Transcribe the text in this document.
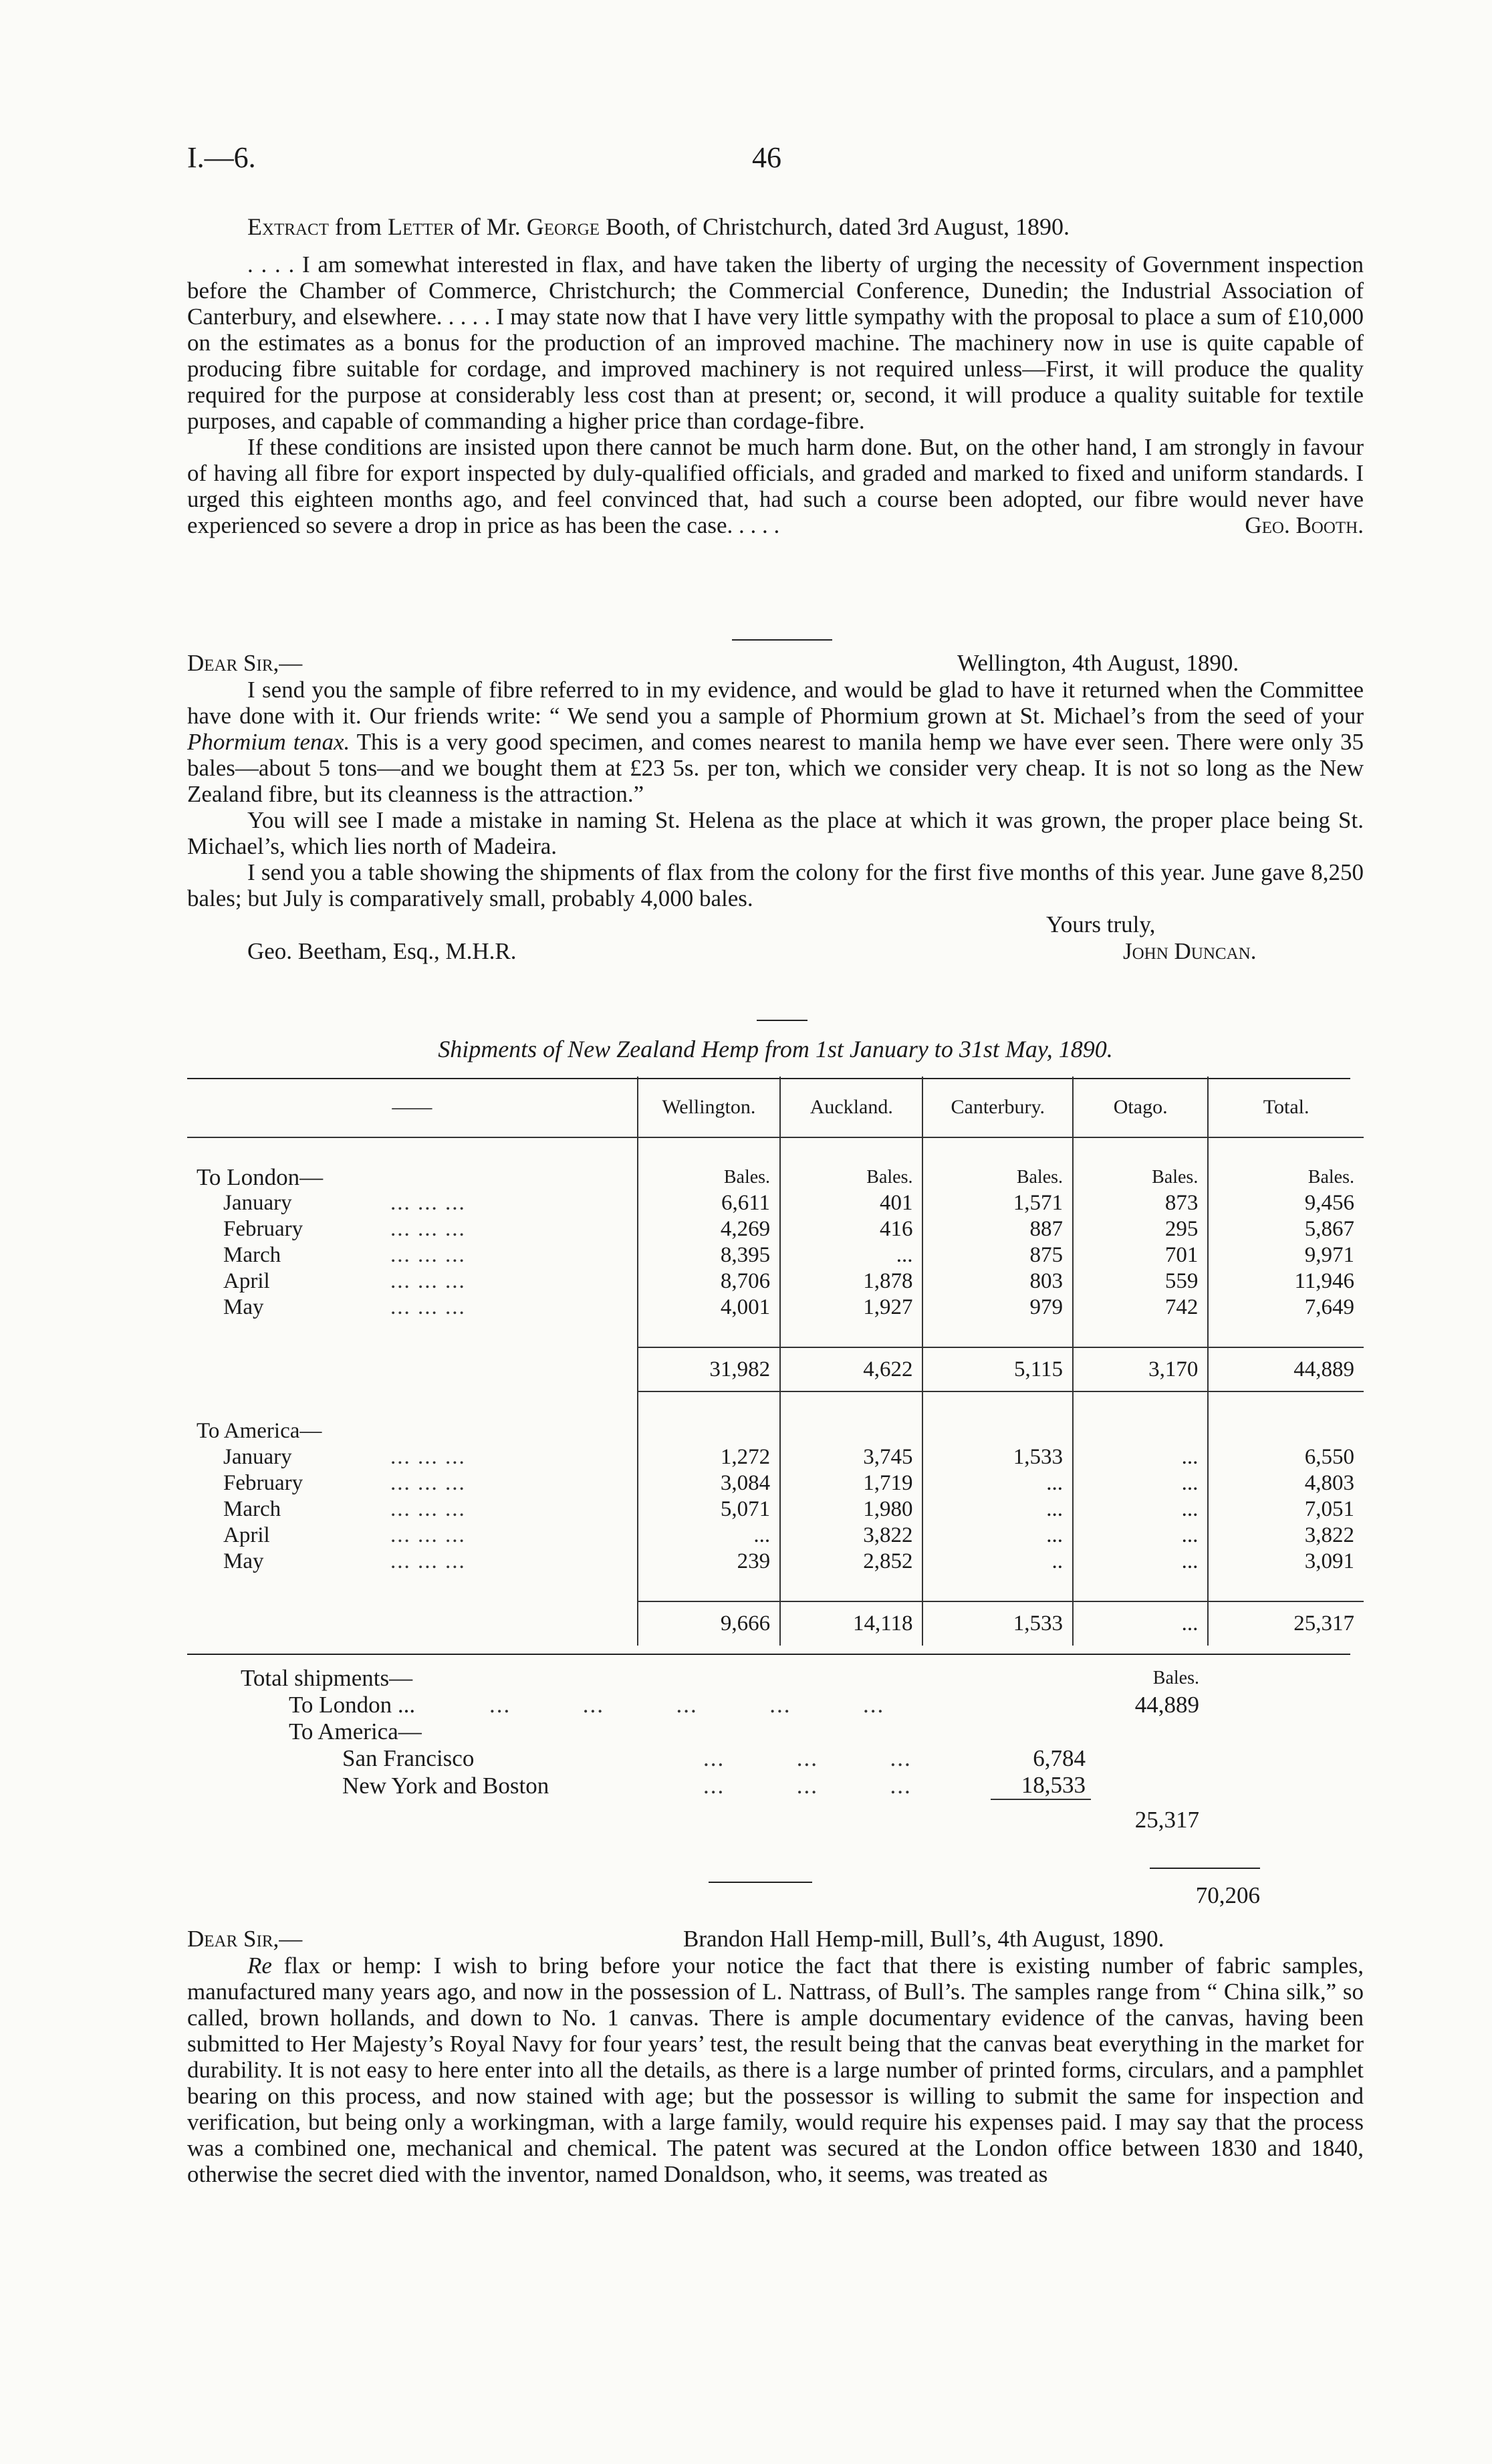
I.—6.	46
Extract from Letter of Mr. George Booth, of Christchurch, dated 3rd August, 1890.

. . . . I am somewhat interested in flax, and have taken the liberty of urging the necessity of Government inspection before the Chamber of Commerce, Christchurch; the Commercial Conference, Dunedin; the Industrial Association of Canterbury, and elsewhere. . . . . I may state now that I have very little sympathy with the proposal to place a sum of £10,000 on the estimates as a bonus for the production of an improved machine. The machinery now in use is quite capable of producing fibre suitable for cordage, and improved machinery is not required unless—First, it will produce the quality required for the purpose at considerably less cost than at present; or, second, it will produce a quality suitable for textile purposes, and capable of commanding a higher price than cordage-fibre.

If these conditions are insisted upon there cannot be much harm done. But, on the other hand, I am strongly in favour of having all fibre for export inspected by duly-qualified officials, and graded and marked to fixed and uniform standards. I urged this eighteen months ago, and feel convinced that, had such a course been adopted, our fibre would never have experienced so severe a drop in price as has been the case. . . . .	Geo. Booth.

Dear Sir,—	Wellington, 4th August, 1890.

I send you the sample of fibre referred to in my evidence, and would be glad to have it returned when the Committee have done with it. Our friends write: “ We send you a sample of Phormium grown at St. Michael’s from the seed of your Phormium tenax. This is a very good specimen, and comes nearest to manila hemp we have ever seen. There were only 35 bales—about 5 tons—and we bought them at £23 5s. per ton, which we consider very cheap. It is not so long as the New Zealand fibre, but its cleanness is the attraction.”

You will see I made a mistake in naming St. Helena as the place at which it was grown, the proper place being St. Michael’s, which lies north of Madeira.

I send you a table showing the shipments of flax from the colony for the first five months of this year. June gave 8,250 bales; but July is comparatively small, probably 4,000 bales.

Yours truly,
Geo. Beetham, Esq., M.H.R.	John Duncan.
Shipments of New Zealand Hemp from 1st January to 31st May, 1890.
——	Wellington.	Auckland.	Canterbury.	Otago.	Total.

To London—	Bales.	Bales.	Bales.	Bales.	Bales.
January ... ... ...	6,611	401	1,571	873	9,456
February ... ... ...	4,269	416	887	295	5,867
March ... ... ...	8,395	...	875	701	9,971
April ... ... ...	8,706	1,878	803	559	11,946
May ... ... ...	4,001	1,927	979	742	7,649

	31,982	4,622	5,115	3,170	44,889

To America—					
January ... ... ...	1,272	3,745	1,533	...	6,550
February ... ... ...	3,084	1,719	...	...	4,803
March ... ... ...	5,071	1,980	...	...	7,051
April ... ... ...	...	3,822	...	...	3,822
May ... ... ...	239	2,852	..	...	3,091

	9,666	14,118	1,533	...	25,317
Total shipments—		Bales.	
To London ... ...          ...          ...          ...          ...		44,889	
To America—			
San Francisco ...          ...          ...	6,784		
New York and Boston ...          ...          ...	18,533		
		25,317	
70,206
Dear Sir,—	Brandon Hall Hemp-mill, Bull’s, 4th August, 1890.

Re flax or hemp: I wish to bring before your notice the fact that there is existing number of fabric samples, manufactured many years ago, and now in the possession of L. Nattrass, of Bull’s. The samples range from “ China silk,” so called, brown hollands, and down to No. 1 canvas. There is ample documentary evidence of the canvas, having been submitted to Her Majesty’s Royal Navy for four years’ test, the result being that the canvas beat everything in the market for durability. It is not easy to here enter into all the details, as there is a large number of printed forms, circulars, and a pamphlet bearing on this process, and now stained with age; but the possessor is willing to submit the same for inspection and verification, but being only a workingman, with a large family, would require his expenses paid. I may say that the process was a combined one, mechanical and chemical. The patent was secured at the London office between 1830 and 1840, otherwise the secret died with the inventor, named Donaldson, who, it seems, was treated as
